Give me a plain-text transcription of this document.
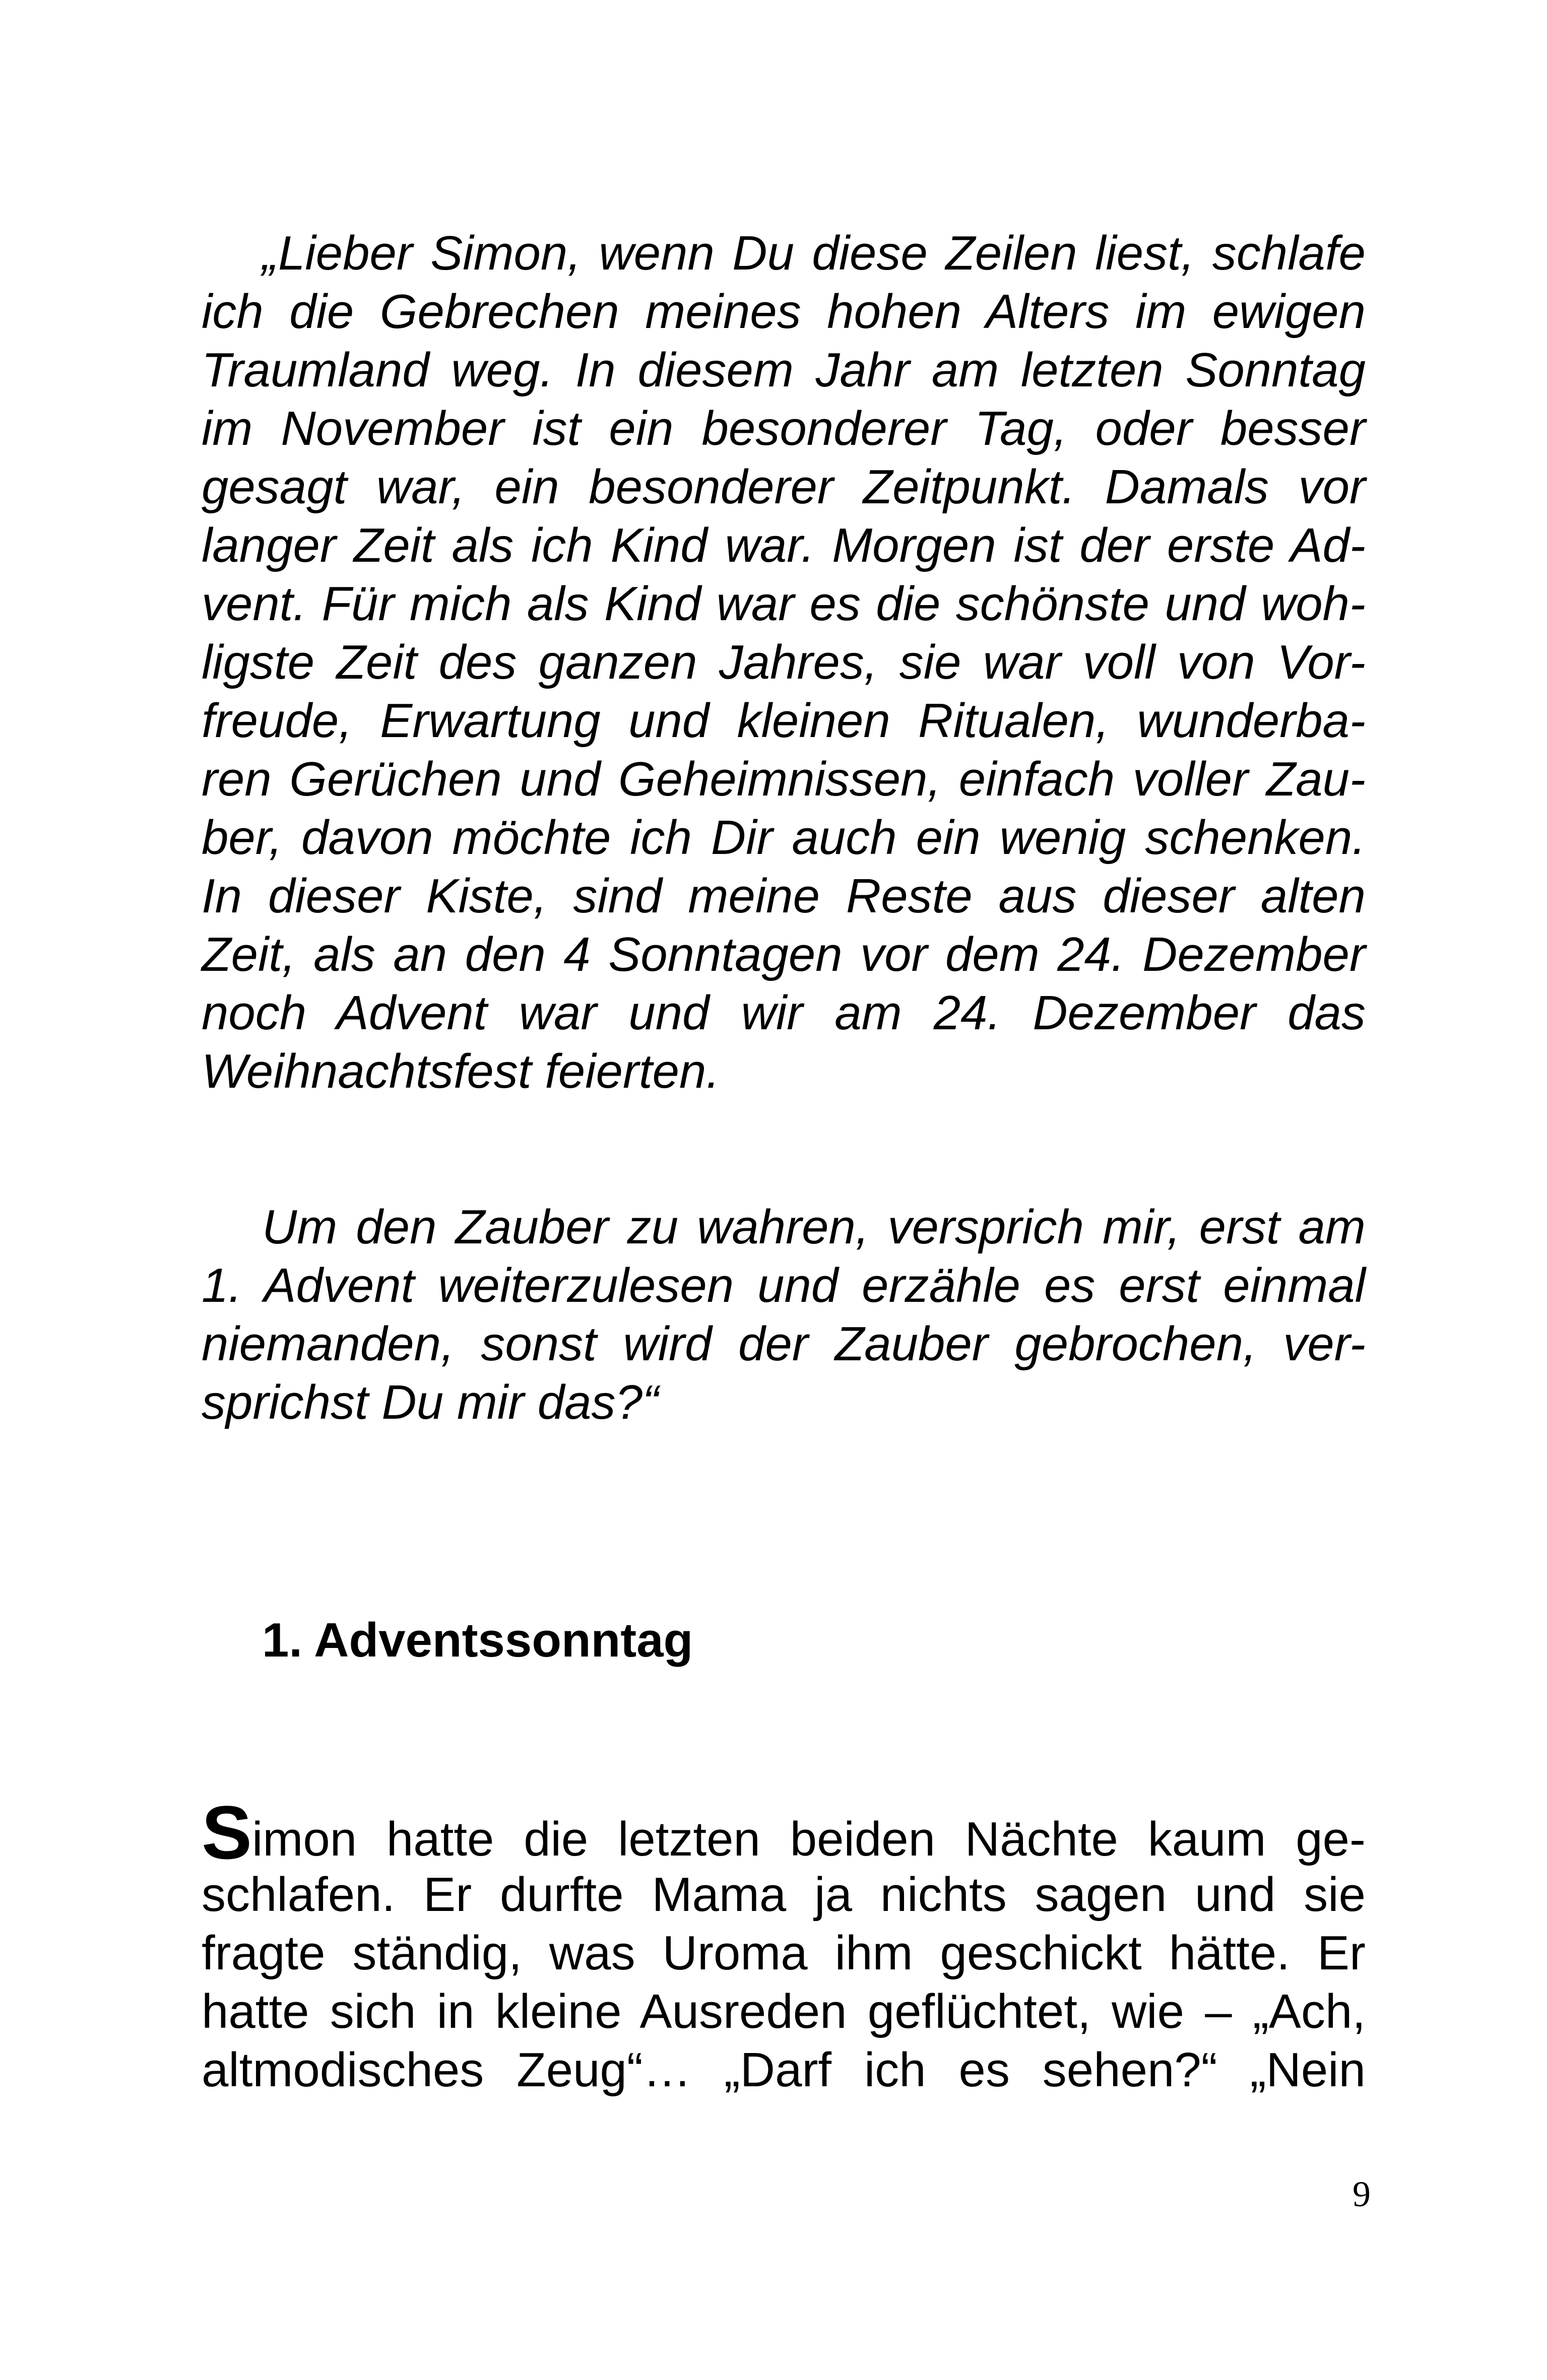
„Lieber Simon, wenn Du diese Zeilen liest, schlafe
ich die Gebrechen meines hohen Alters im ewigen
Traumland weg. In diesem Jahr am letzten Sonntag
im November ist ein besonderer Tag, oder besser
gesagt war, ein besonderer Zeitpunkt. Damals vor
langer Zeit als ich Kind war. Morgen ist der erste Ad-
vent. Für mich als Kind war es die schönste und woh-
ligste Zeit des ganzen Jahres, sie war voll von Vor-
freude, Erwartung und kleinen Ritualen, wunderba-
ren Gerüchen und Geheimnissen, einfach voller Zau-
ber, davon möchte ich Dir auch ein wenig schenken.
In dieser Kiste, sind meine Reste aus dieser alten
Zeit, als an den 4 Sonntagen vor dem 24. Dezember
noch Advent war und wir am 24. Dezember das
Weihnachtsfest feierten.
Um den Zauber zu wahren, versprich mir, erst am
1. Advent weiterzulesen und erzähle es erst einmal
niemanden, sonst wird der Zauber gebrochen, ver-
sprichst Du mir das?“
1. Adventssonntag
Simon hatte die letzten beiden Nächte kaum ge-
schlafen. Er durfte Mama ja nichts sagen und sie
fragte ständig, was Uroma ihm geschickt hätte. Er
hatte sich in kleine Ausreden geflüchtet, wie – „Ach,
altmodisches Zeug“… „Darf ich es sehen?“ „Nein
9
